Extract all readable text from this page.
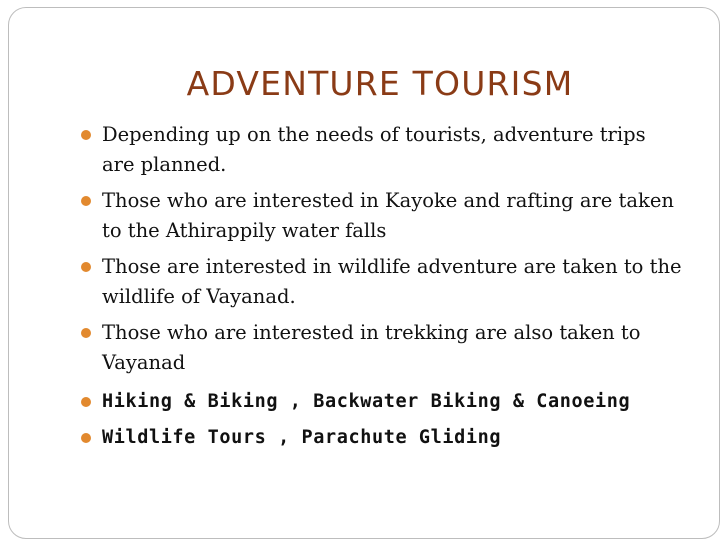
ADVENTURE TOURISM
Depending up on the needs of tourists, adventure trips are planned.
Those who are interested in Kayoke and rafting are taken to the Athirappily water falls
Those are interested in wildlife adventure are taken to the wildlife of Vayanad.
Those who are interested in trekking are also taken to Vayanad
Hiking & Biking , Backwater Biking & Canoeing
Wildlife Tours , Parachute Gliding
